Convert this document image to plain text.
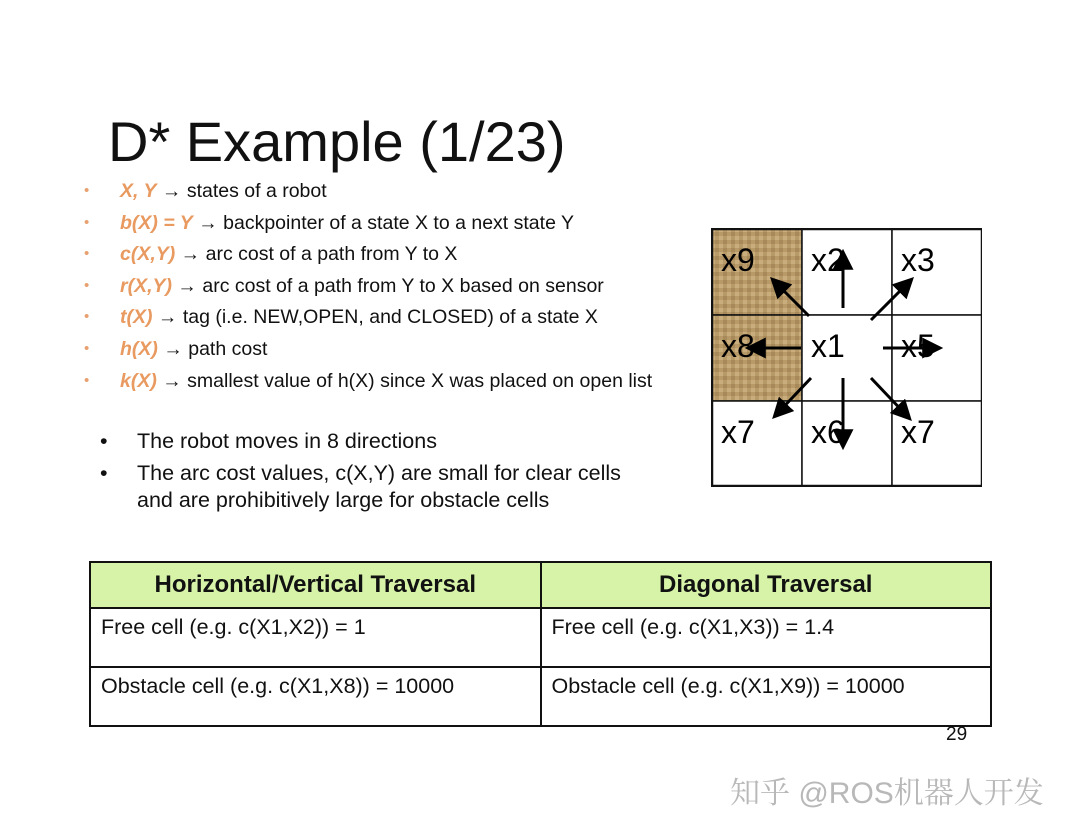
D* Example (1/23)
• X, Y → states of a robot
• b(X) = Y → backpointer of a state X to a next state Y
• c(X,Y) → arc cost of a path from Y to X
• r(X,Y) → arc cost of a path from Y to X based on sensor
• t(X) → tag (i.e. NEW,OPEN, and CLOSED) of a state X
• h(X) → path cost
• k(X) → smallest value of h(X) since X was placed on open list
• The robot moves in 8 directions
• The arc cost values, c(X,Y) are small for clear cells and are prohibitively large for obstacle cells
x9 x2 x3
x8 x1 x5
x7 x6 x7
Horizontal/Vertical Traversal	Diagonal Traversal
Free cell (e.g. c(X1,X2)) = 1	Free cell (e.g. c(X1,X3)) = 1.4
Obstacle cell (e.g. c(X1,X8)) = 10000	Obstacle cell (e.g. c(X1,X9)) = 10000
29
知乎 @ROS机器人开发
